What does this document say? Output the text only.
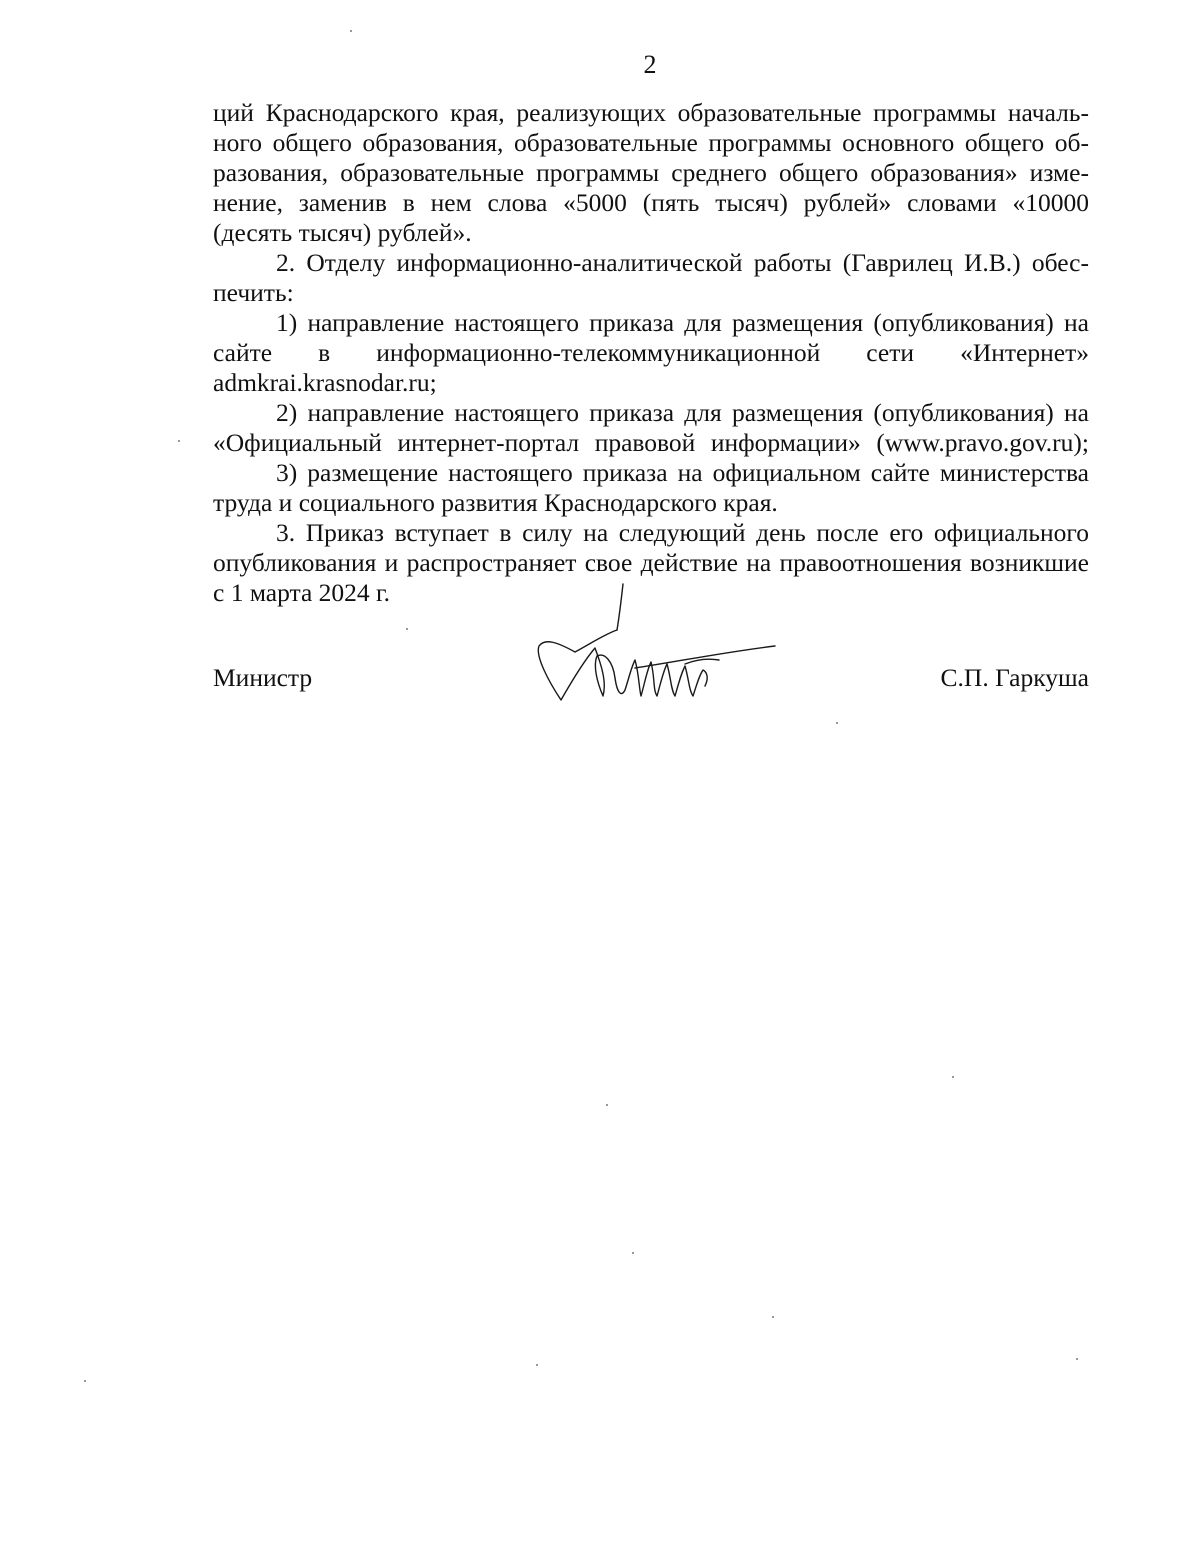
2

ций Краснодарского края, реализующих образовательные программы началь-
ного общего образования, образовательные программы основного общего об-
разования, образовательные программы среднего общего образования» изме-
нение, заменив в нем слова «5000 (пять тысяч) рублей» словами «10000
(десять тысяч) рублей».

2. Отделу информационно-аналитической работы (Гаврилец И.В.) обес-
печить:

1) направление настоящего приказа для размещения (опубликования) на
сайте в информационно-телекоммуникационной сети «Интернет»
admkrai.krasnodar.ru;

2) направление настоящего приказа для размещения (опубликования) на
«Официальный интернет-портал правовой информации» (www.pravo.gov.ru);

3) размещение настоящего приказа на официальном сайте министерства
труда и социального развития Краснодарского края.

3. Приказ вступает в силу на следующий день после его официального
опубликования и распространяет свое действие на правоотношения возникшие
с 1 марта 2024 г.

Министр	С.П. Гаркуша
